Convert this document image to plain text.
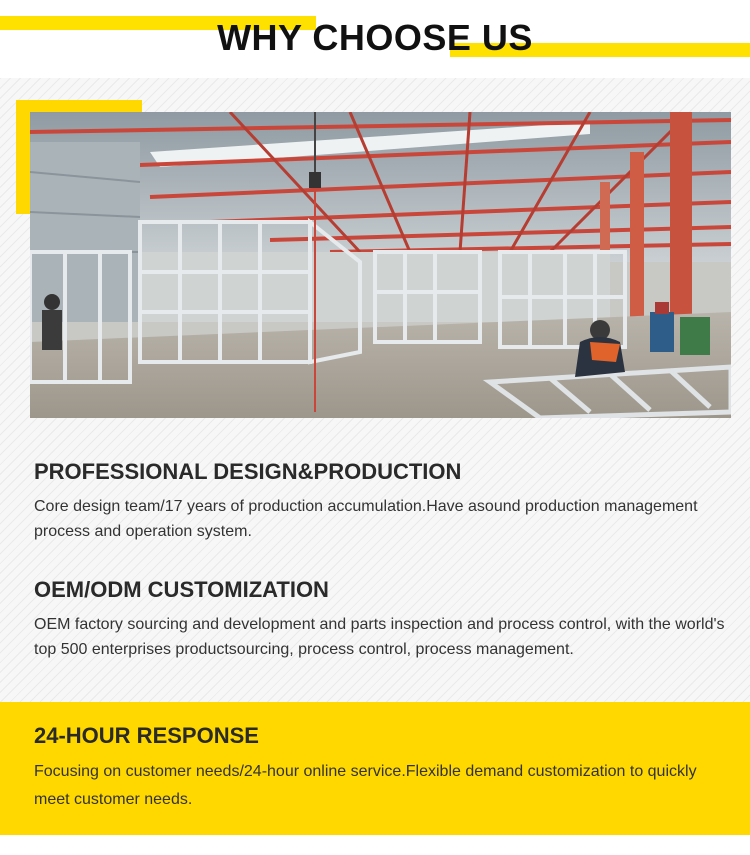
WHY CHOOSE US
PROFESSIONAL DESIGN&PRODUCTION

Core design team/17 years of production accumulation.Have asound production management process and operation system.

OEM/ODM CUSTOMIZATION

OEM factory sourcing and development and parts inspection and process control, with the world's top 500 enterprises productsourcing, process control, process management.

24-HOUR RESPONSE

Focusing on customer needs/24-hour online service.Flexible demand customization to quickly meet customer needs.
